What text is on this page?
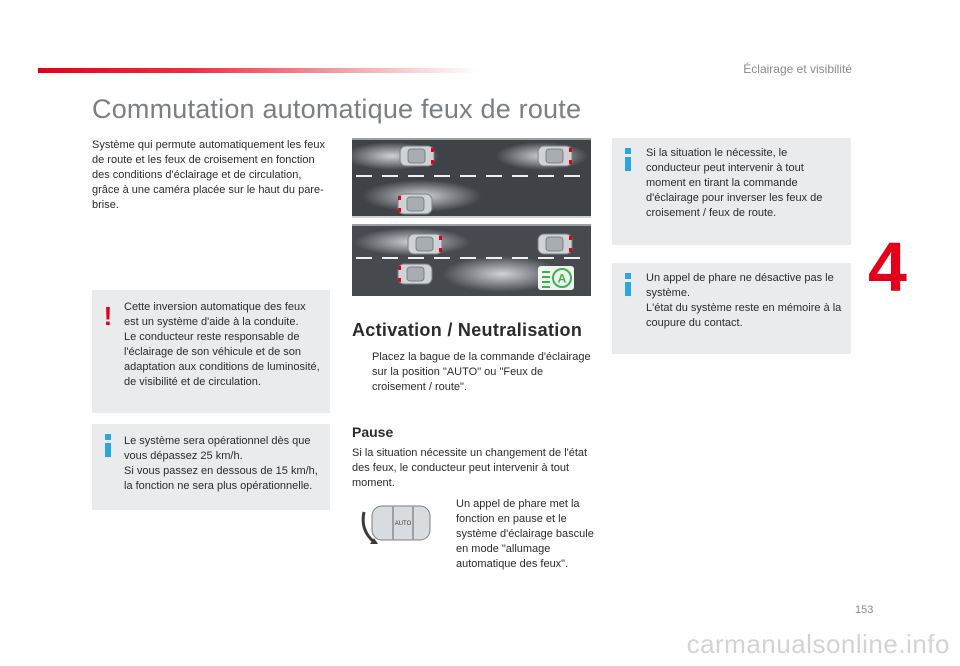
Éclairage et visibilité
4
Commutation automatique feux de route
Système qui permute automatiquement les feux de route et les feux de croisement en fonction des conditions d'éclairage et de circulation, grâce à une caméra placée sur le haut du pare-brise.
! Cette inversion automatique des feux est un système d'aide à la conduite.
Le conducteur reste responsable de l'éclairage de son véhicule et de son adaptation aux conditions de luminosité, de visibilité et de circulation.
Le système sera opérationnel dès que vous dépassez 25 km/h.
Si vous passez en dessous de 15 km/h, la fonction ne sera plus opérationnelle.
A
Activation / Neutralisation
Placez la bague de la commande d'éclairage sur la position "AUTO" ou "Feux de croisement / route".
Pause
Si la situation nécessite un changement de l'état des feux, le conducteur peut intervenir à tout moment.
AUTO
Un appel de phare met la fonction en pause et le système d'éclairage bascule en mode "allumage automatique des feux".
Si la situation le nécessite, le conducteur peut intervenir à tout moment en tirant la commande d'éclairage pour inverser les feux de croisement / feux de route.
Un appel de phare ne désactive pas le système.
L'état du système reste en mémoire à la coupure du contact.
153
carmanualsonline.info
